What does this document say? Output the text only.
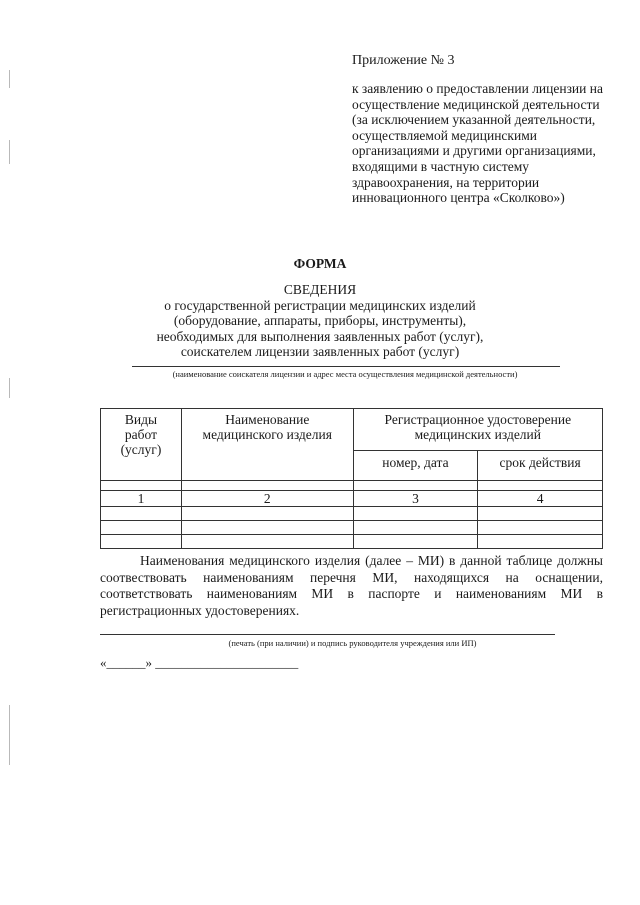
Приложение № 3
к заявлению о предоставлении лицензии на осуществление медицинской деятельности (за исключением указанной деятельности, осуществляемой медицинскими организациями и другими организациями, входящими в частную систему здравоохранения, на территории инновационного центра «Сколково»)
ФОРМА
СВЕДЕНИЯ
о государственной регистрации медицинских изделий
(оборудование, аппараты, приборы, инструменты),
необходимых для выполнения заявленных работ (услуг),
соискателем лицензии заявленных работ (услуг)
(наименование соискателя лицензии и адрес места осуществления медицинской деятельности)
Виды работ (услуг)	Наименование медицинского изделия	Регистрационное удостоверение медицинских изделий	
		номер, дата	срок действия

1	2	3	4

Наименования медицинского изделия (далее – МИ) в данной таблице должны соотвествовать наименованиям перечня МИ, находящихся на оснащении, соответствовать наименованиям МИ в паспорте и наименованиям МИ в регистрационных удостоверениях.
(печать (при наличии) и подпись руководителя учреждения или ИП)
«______» ______________________
